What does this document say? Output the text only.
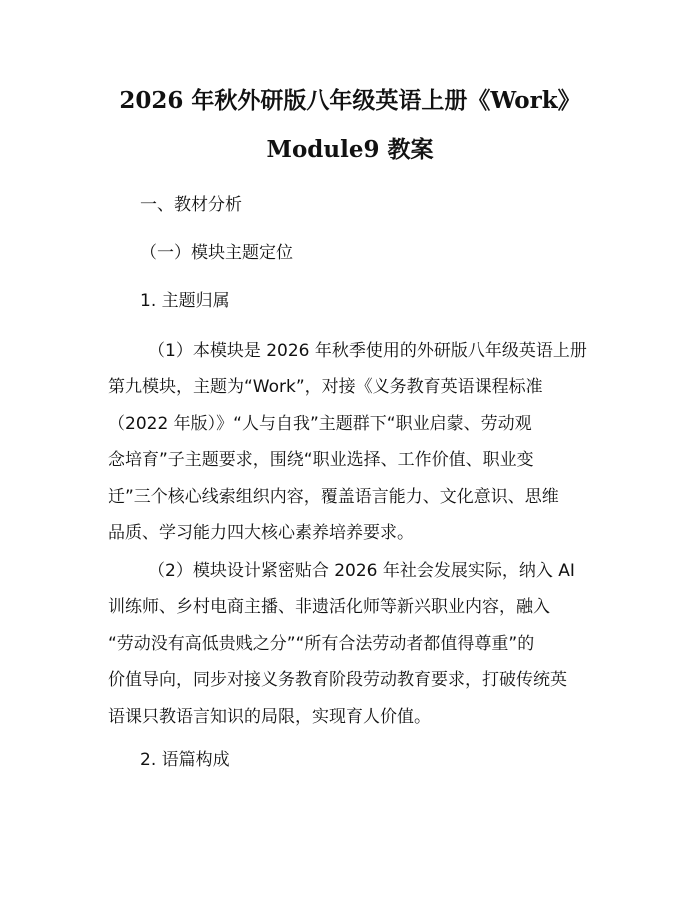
2026 年秋外研版八年级英语上册《Work》
Module9 教案
一、教材分析
（一）模块主题定位
1. 主题归属
（1）本模块是 2026 年秋季使用的外研版八年级英语上册
第九模块，主题为“Work”，对接《义务教育英语课程标准
（2022 年版）》“人与自我”主题群下“职业启蒙、劳动观
念培育”子主题要求，围绕“职业选择、工作价值、职业变
迁”三个核心线索组织内容，覆盖语言能力、文化意识、思维
品质、学习能力四大核心素养培养要求。
（2）模块设计紧密贴合 2026 年社会发展实际，纳入 AI
训练师、乡村电商主播、非遗活化师等新兴职业内容，融入
“劳动没有高低贵贱之分”“所有合法劳动者都值得尊重”的
价值导向，同步对接义务教育阶段劳动教育要求，打破传统英
语课只教语言知识的局限，实现育人价值。
2. 语篇构成
